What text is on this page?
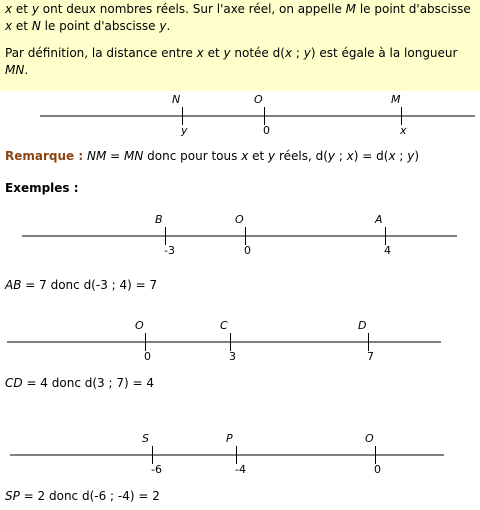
x et y ont deux nombres réels. Sur l'axe réel, on appelle M le point d'abscisse x et N le point d'abscisse y.

Par définition, la distance entre x et y notée d(x ; y) est égale à la longueur MN.

N
y
O
0
M
x
B
-3
O
0
A
4
O
0
C
3
D
7
S
-6
P
-4
O
0
Remarque : NM = MN donc pour tous x et y réels, d(y ; x) = d(x ; y)
Exemples :
AB = 7 donc d(-3 ; 4) = 7
CD = 4 donc d(3 ; 7) = 4
SP = 2 donc d(-6 ; -4) = 2
